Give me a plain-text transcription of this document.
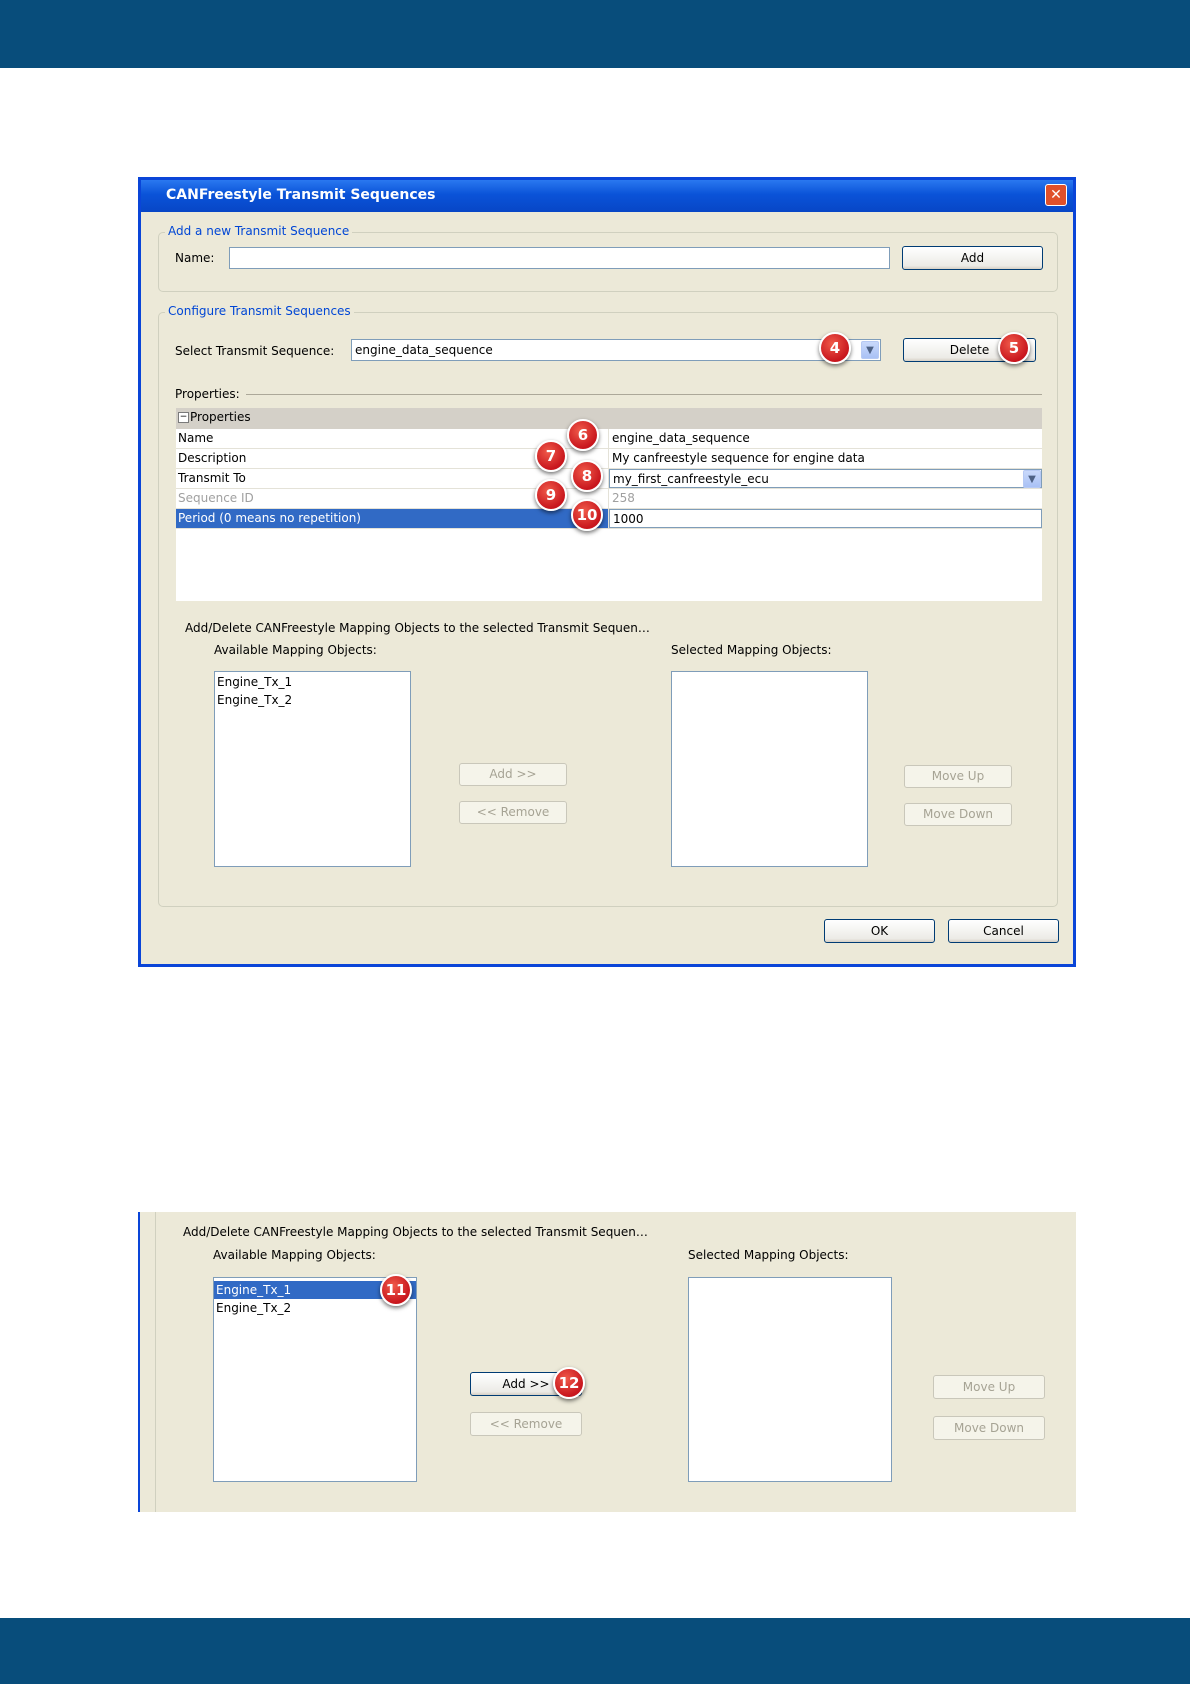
CANFreestyle Transmit Sequences	✕
Add a new Transmit Sequence
Name:	Add
Configure Transmit Sequences
Select Transmit Sequence:	engine_data_sequence	▼	Delete
Properties:
− Properties
Name	engine_data_sequence
Description	My canfreestyle sequence for engine data
Transmit To	my_first_canfreestyle_ecu	▼
Sequence ID	258
Period (0 means no repetition)	1000
Add/Delete CANFreestyle Mapping Objects to the selected Transmit Sequen…
Available Mapping Objects:	Selected Mapping Objects:
Engine_Tx_1
Engine_Tx_2
Add >>
<< Remove
Move Up
Move Down
OK	Cancel
4	5
6
7
8
9
10
Add/Delete CANFreestyle Mapping Objects to the selected Transmit Sequen…
Available Mapping Objects:	Selected Mapping Objects:
Engine_Tx_1
Engine_Tx_2
Add >>
<< Remove
Move Up
Move Down
11
12
